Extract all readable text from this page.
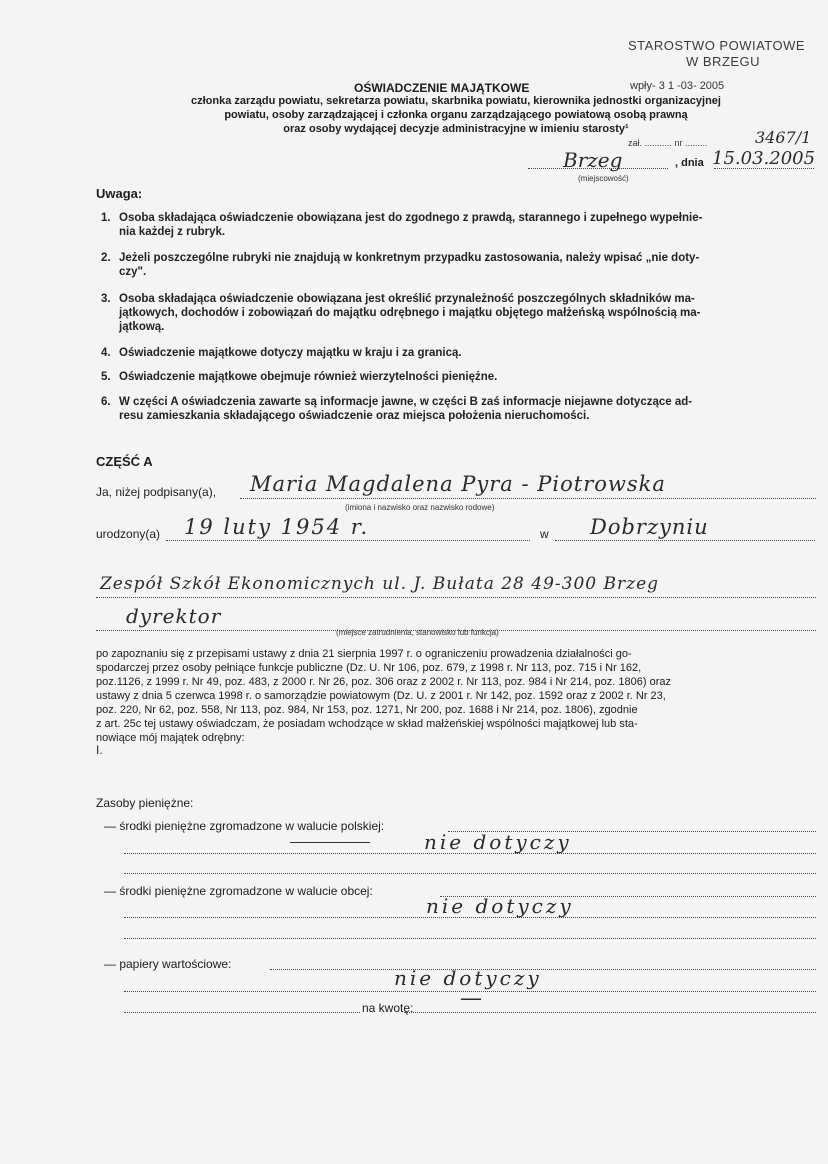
STAROSTWO POWIATOWE
W BRZEGU
wpły- 3 1 -03- 2005
zał. ........... nr .........	3467/1
OŚWIADCZENIE MAJĄTKOWE
członka zarządu powiatu, sekretarza powiatu, skarbnika powiatu, kierownika jednostki organizacyjnej
powiatu, osoby zarządzającej i członka organu zarządzającego powiatową osobą prawną
oraz osoby wydającej decyzje administracyjne w imieniu starosty¹
Brzeg	, dnia 15.03.2005
(miejscowość)
Uwaga:
1. Osoba składająca oświadczenie obowiązana jest do zgodnego z prawdą, starannego i zupełnego wypełnie-
nia każdej z rubryk.
2. Jeżeli poszczególne rubryki nie znajdują w konkretnym przypadku zastosowania, należy wpisać „nie doty-
czy".
3. Osoba składająca oświadczenie obowiązana jest określić przynależność poszczególnych składników ma-
jątkowych, dochodów i zobowiązań do majątku odrębnego i majątku objętego małżeńską wspólnością ma-
jątkową.
4. Oświadczenie majątkowe dotyczy majątku w kraju i za granicą.
5. Oświadczenie majątkowe obejmuje również wierzytelności pieniężne.
6. W części A oświadczenia zawarte są informacje jawne, w części B zaś informacje niejawne dotyczące ad-
resu zamieszkania składającego oświadczenie oraz miejsca położenia nieruchomości.
CZĘŚĆ A
Ja, niżej podpisany(a), Maria Magdalena Pyra - Piotrowska
(imiona i nazwisko oraz nazwisko rodowe)
urodzony(a) 19 luty 1954 r.	w Dobrzyniu
Zespół Szkół Ekonomicznych ul. J. Bułata 28 49-300 Brzeg
dyrektor
(miejsce zatrudnienia, stanowisko lub funkcja)
po zapoznaniu się z przepisami ustawy z dnia 21 sierpnia 1997 r. o ograniczeniu prowadzenia działalności go-
spodarczej przez osoby pełniące funkcje publiczne (Dz. U. Nr 106, poz. 679, z 1998 r. Nr 113, poz. 715 i Nr 162,
poz.1126, z 1999 r. Nr 49, poz. 483, z 2000 r. Nr 26, poz. 306 oraz z 2002 r. Nr 113, poz. 984 i Nr 214, poz. 1806) oraz
ustawy z dnia 5 czerwca 1998 r. o samorządzie powiatowym (Dz. U. z 2001 r. Nr 142, poz. 1592 oraz z 2002 r. Nr 23,
poz. 220, Nr 62, poz. 558, Nr 113, poz. 984, Nr 153, poz. 1271, Nr 200, poz. 1688 i Nr 214, poz. 1806), zgodnie
z art. 25c tej ustawy oświadczam, że posiadam wchodzące w skład małżeńskiej wspólności majątkowej lub sta-
nowiące mój majątek odrębny:
I.
Zasoby pieniężne:
— środki pieniężne zgromadzone w walucie polskiej:
nie dotyczy
— środki pieniężne zgromadzone w walucie obcej:
nie dotyczy
— papiery wartościowe:
nie dotyczy
na kwotę: —
